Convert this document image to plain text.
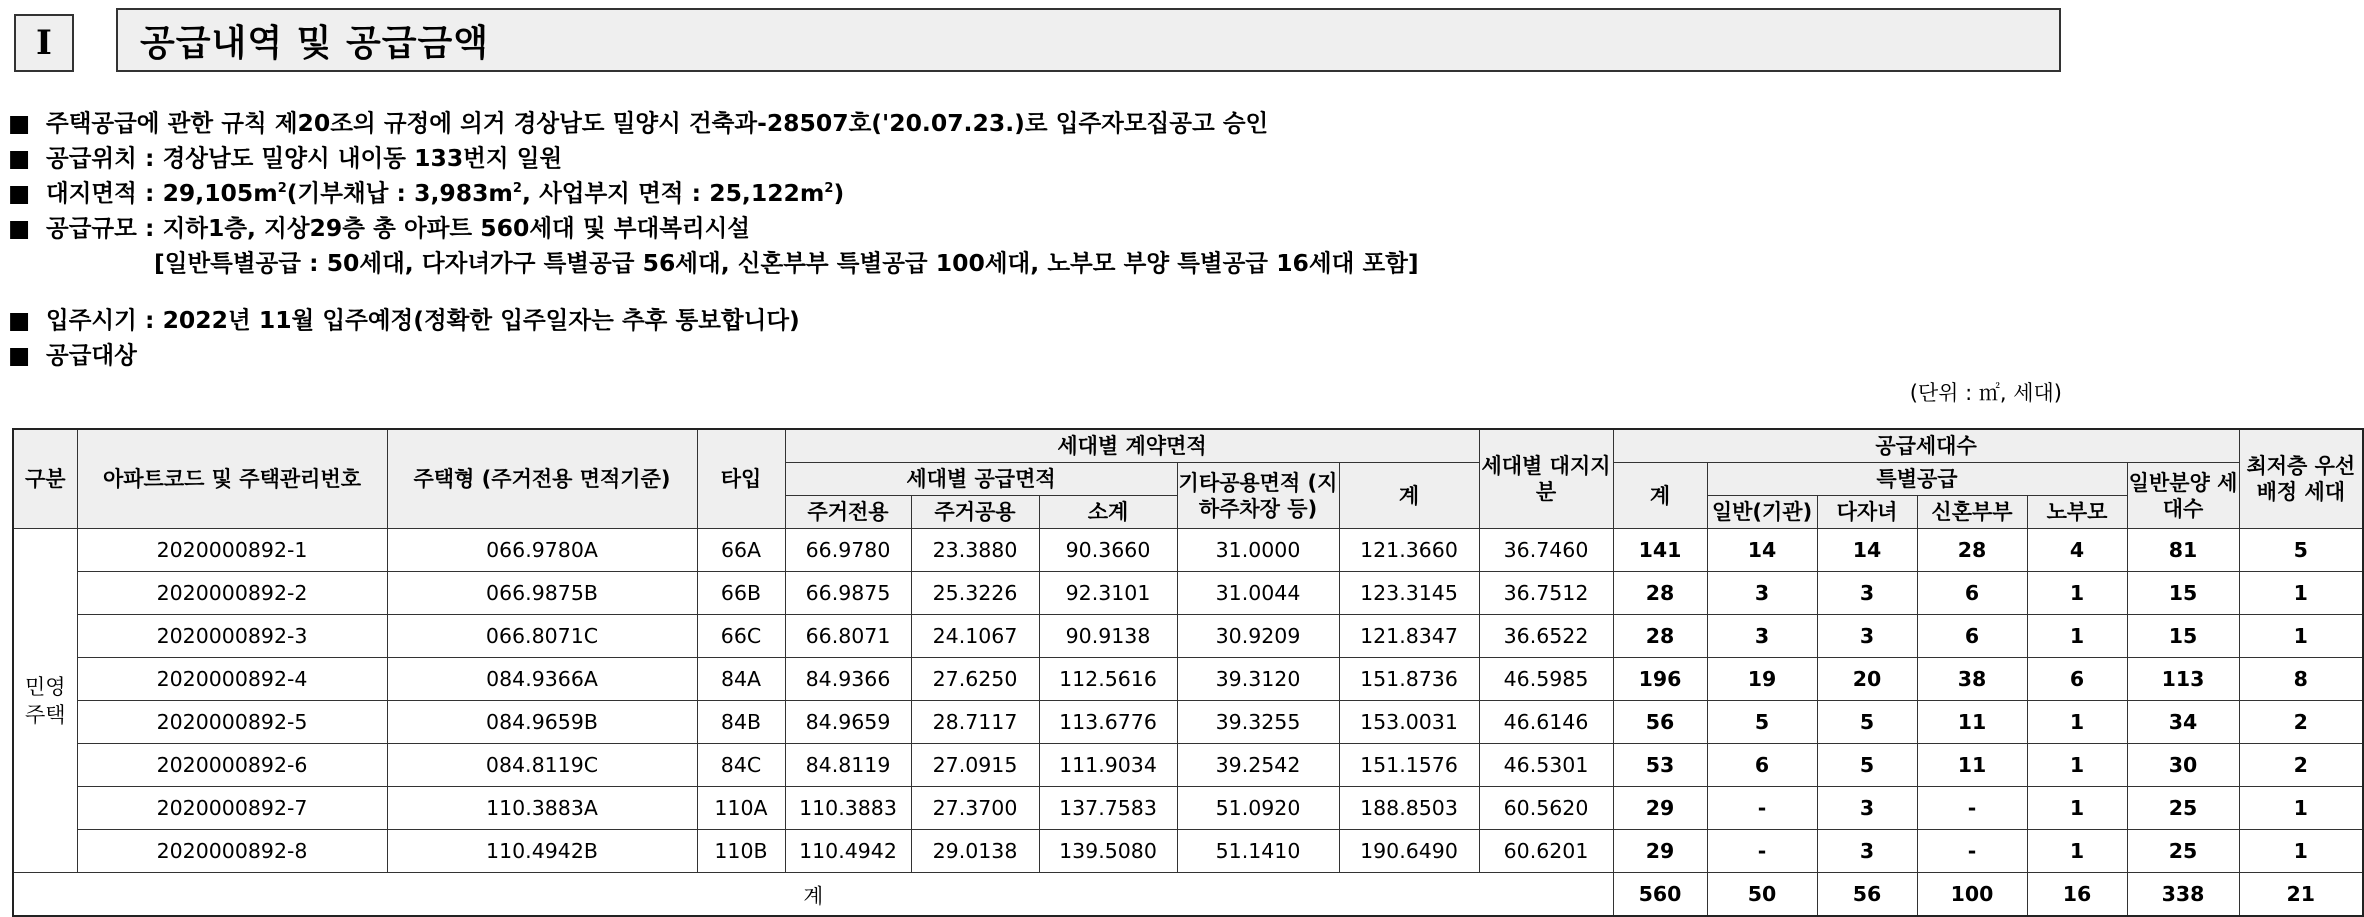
I	공급내역 및 공급금액
■ 주택공급에 관한 규칙 제20조의 규정에 의거 경상남도 밀양시 건축과-28507호('20.07.23.)로 입주자모집공고 승인
■ 공급위치 : 경상남도 밀양시 내이동 133번지 일원
■ 대지면적 : $29,105m^2$(기부채납 : $3,983m^2$, 사업부지 면적 : $25,122m^2$)
■ 공급규모 : 지하1층, 지상29층 총 아파트 560세대 및 부대복리시설
[일반특별공급 : 50세대, 다자녀가구 특별공급 56세대, 신혼부부 특별공급 100세대, 노부모 부양 특별공급 16세대 포함]
■ 입주시기 : 2022년 11월 입주예정(정확한 입주일자는 추후 통보합니다)
■ 공급대상
(단위 : ㎡, 세대)
구분	아파트코드 및 주택관리번호	주택형 (주거전용 면적기준)	타입	세대별 계약면적					세대별 대지지분	공급세대수						최저층 우선 배정 세대
				세대별 공급면적			기타공용면적 (지하주차장 등)	계		계	특별공급				일반분양 세대수	
				주거전용	주거공용	소계					일반(기관)	다자녀	신혼부부	노부모		
민영 주택	2020000892-1	066.9780A	66A	66.9780	23.3880	90.3660	31.0000	121.3660	36.7460	141	14	14	28	4	81	5
	2020000892-2	066.9875B	66B	66.9875	25.3226	92.3101	31.0044	123.3145	36.7512	28	3	3	6	1	15	1
	2020000892-3	066.8071C	66C	66.8071	24.1067	90.9138	30.9209	121.8347	36.6522	28	3	3	6	1	15	1
	2020000892-4	084.9366A	84A	84.9366	27.6250	112.5616	39.3120	151.8736	46.5985	196	19	20	38	6	113	8
	2020000892-5	084.9659B	84B	84.9659	28.7117	113.6776	39.3255	153.0031	46.6146	56	5	5	11	1	34	2
	2020000892-6	084.8119C	84C	84.8119	27.0915	111.9034	39.2542	151.1576	46.5301	53	6	5	11	1	30	2
	2020000892-7	110.3883A	110A	110.3883	27.3700	137.7583	51.0920	188.8503	60.5620	29	-	3	-	1	25	1
	2020000892-8	110.4942B	110B	110.4942	29.0138	139.5080	51.1410	190.6490	60.6201	29	-	3	-	1	25	1
계										560	50	56	100	16	338	21
